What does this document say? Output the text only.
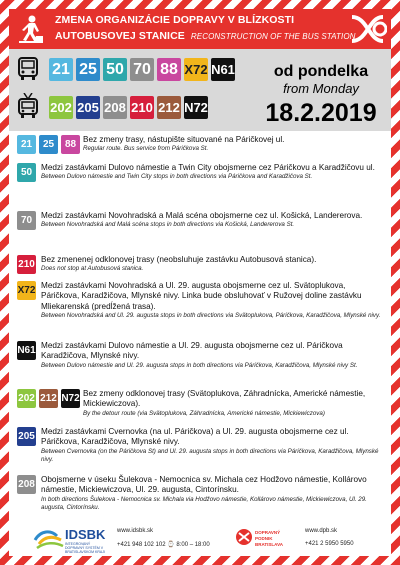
ZMENA ORGANIZÁCIE DOPRAVY V BLÍZKOSTI
AUTOBUSOVEJ STANICE RECONSTRUCTION OF THE BUS STATION
21 25 50 70 88 X72 N61
202 205 208 210 212 N72
od pondelka
from Monday
18.2.2019
21	25	88 Bez zmeny trasy, nástupište situované na Páričkovej ul.
Regular route. Bus service from Páričkova St.
50	Medzi zastávkami Dulovo námestie a Twin City obojsmerne cez Páričkovu a Karadžičovu ul.
Between Dulovo námestie and Twin City stops in both directions via Páričkova and Karadžičova St.
70	Medzi zastávkami Novohradská a Malá scéna obojsmerne cez ul. Košická, Landererova.
Between Novohradská and Malá scéna stops in both directions via Košická, Landererova St.
210 Bez zmenenej odklonovej trasy (neobsluhuje zastávku Autobusová stanica).
Does not stop at Autobusová stanica.
X72 Medzi zastávkami Novohradská a Ul. 29. augusta obojsmerne cez ul. Svätoplukova, Páričkova, Karadžičova, Mlynské nivy. Linka bude obsluhovať v Ružovej doline zastávku Mliekarenská (predĺžená trasa).
Between Novohradská and Ul. 29. augusta stops in both directions via Svätoplukova, Páričkova, Karadžičova, Mlynské nivy.
N61 Medzi zastávkami Dulovo námestie a Ul. 29. augusta obojsmerne cez ul. Páričkova Karadžičova, Mlynské nivy.
Between Dulovo námestie and Ul. 29. augusta stops in both directions via Páričkova, Karadžičova, Mlynské nivy St.
202 212 N72 Bez zmeny odklonovej trasy (Svätoplukova, Záhradnícka, Americké námestie, Mickiewiczova).
By the detour route (via Svätoplukova, Záhradnícka, Americké námestie, Mickiewiczova)
205 Medzi zastávkami Cvernovka (na ul. Páričkova) a Ul. 29. augusta obojsmerne cez ul. Páričkova, Karadžičova, Mlynské nivy.
Between Cvernovka (on the Páričkova St) and Ul. 29. augusta stops in both directions via Páričkova, Karadžičova, Mlynské nivy.
208 Obojsmerne v úseku Šulekova - Nemocnica sv. Michala cez Hodžovo námestie, Kollárovo námestie, Mickiewiczova, Ul. 29. augusta, Cintorínsku.
In both directions Šulekova - Nemocnica sv. Michala via Hodžovo námestie, Kollárovo námestie, Mickiewiczova, Ul. 29. augusta, Cintorínsku.
IDSBK
INTEGROVANÝ DOPRAVNÝ SYSTÉM V BRATISLAVSKOM KRAJI
www.idsbk.sk
+421 948 102 102 ⌚ 8:00 – 18:00
DOPRAVNÝ PODNIK BRATISLAVA
www.dpb.sk
+421 2 5950 5950
